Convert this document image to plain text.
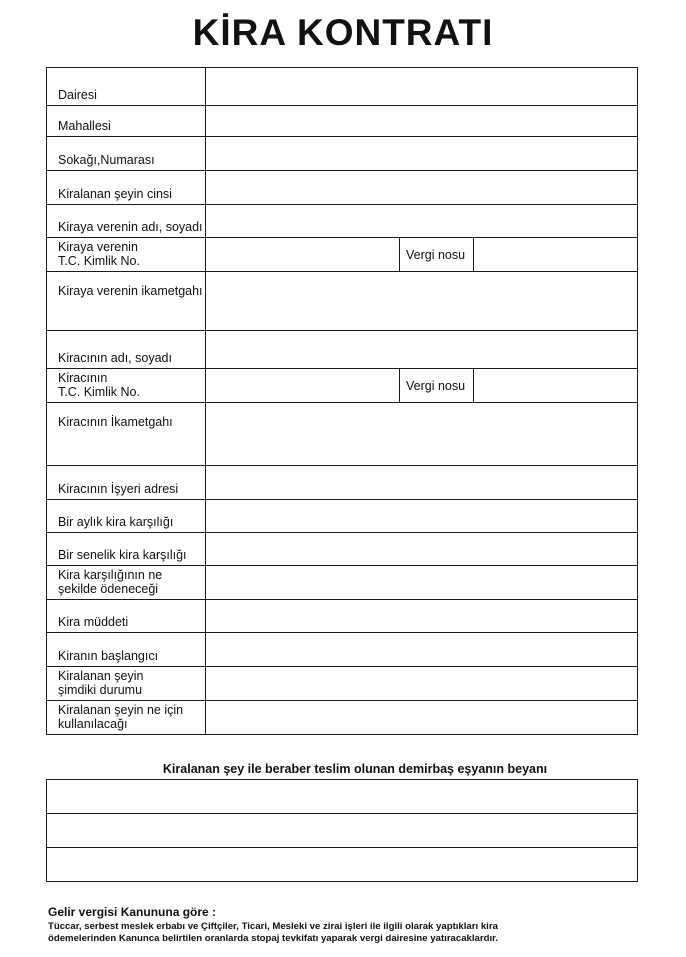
KİRA KONTRATI
Dairesi			
Mahallesi			
Sokağı,Numarası			
Kiralanan şeyin cinsi			
Kiraya verenin adı, soyadı			
Kiraya verenin
T.C. Kimlik No.		Vergi nosu	
Kiraya verenin ikametgahı			
Kiracının adı, soyadı			
Kiracının
T.C. Kimlik No.		Vergi nosu	
Kiracının İkametgahı			
Kiracının İşyeri adresi			
Bir aylık kira karşılığı			
Bir senelik kira karşılığı			
Kira karşılığının ne
şekilde ödeneceği			
Kira müddeti			
Kiranın başlangıcı			
Kiralanan şeyin
şimdiki durumu			
Kiralanan şeyin ne için
kullanılacağı			
Kiralanan şey ile beraber teslim olunan demirbaş eşyanın beyanı

Gelir vergisi Kanununa göre :
Tüccar, serbest meslek erbabı ve Çiftçiler, Ticari, Mesleki ve zirai işleri ile ilgili olarak yaptıkları kira
ödemelerinden Kanunca belirtilen oranlarda stopaj tevkifatı yaparak vergi dairesine yatıracaklardır.
